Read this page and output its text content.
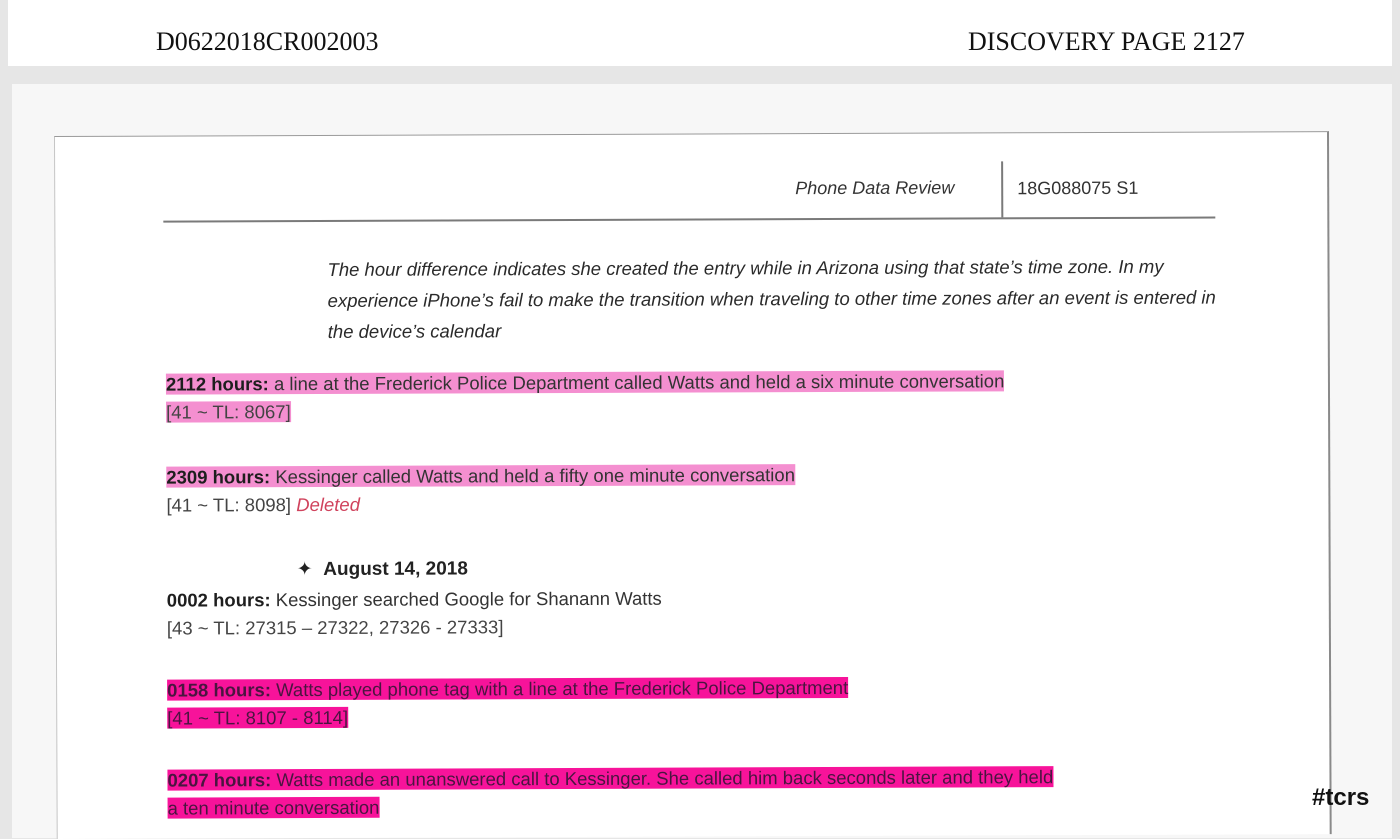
D0622018CR002003	DISCOVERY PAGE 2127
Phone Data Review	18G088075 S1
The hour difference indicates she created the entry while in Arizona using that state’s time zone. In my experience iPhone’s fail to make the transition when traveling to other time zones after an event is entered in the device’s calendar
2112 hours: a line at the Frederick Police Department called Watts and held a six minute conversation
[41 ~ TL: 8067]
2309 hours: Kessinger called Watts and held a fifty one minute conversation
[41 ~ TL: 8098] Deleted
✦ August 14, 2018
0002 hours: Kessinger searched Google for Shanann Watts
[43 ~ TL: 27315 – 27322, 27326 - 27333]
0158 hours: Watts played phone tag with a line at the Frederick Police Department
[41 ~ TL: 8107 - 8114]
0207 hours: Watts made an unanswered call to Kessinger. She called him back seconds later and they held
a ten minute conversation	#tcrs
